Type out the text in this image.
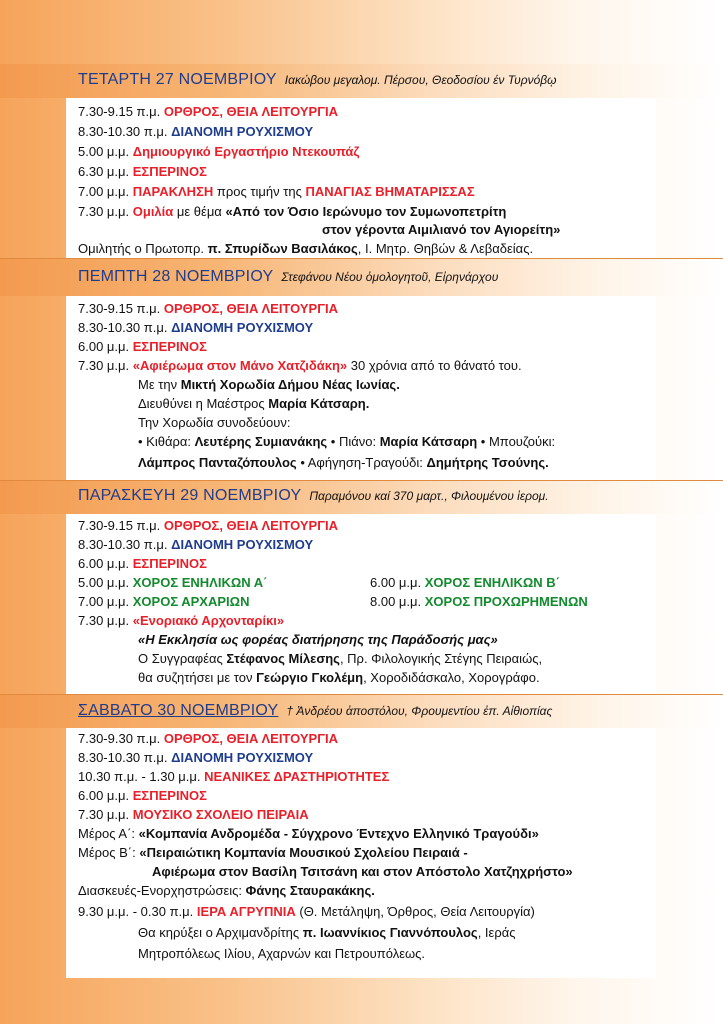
ΤΕΤΑΡΤΗ 27 ΝΟΕΜΒΡΙΟΥ Ιακώβου μεγαλομ. Πέρσου, Θεοδοσίου έν Τυρνόβῳ
7.30-9.15 π.μ. ΟΡΘΡΟΣ, ΘΕΙΑ ΛΕΙΤΟΥΡΓΙΑ
8.30-10.30 π.μ. ΔΙΑΝΟΜΗ ΡΟΥΧΙΣΜΟΥ
5.00 μ.μ. Δημιουργικό Εργαστήριο Ντεκουπάζ
6.30 μ.μ. ΕΣΠΕΡΙΝΟΣ
7.00 μ.μ. ΠΑΡΑΚΛΗΣΗ προς τιμήν της ΠΑΝΑΓΙΑΣ ΒΗΜΑΤΑΡΙΣΣΑΣ
7.30 μ.μ. Ομιλία με θέμα «Από τον Όσιο Ιερώνυμο τον Συμωνοπετρίτη
στον γέροντα Αιμιλιανό τον Αγιορείτη»
Ομιλητής ο Πρωτοπρ. π. Σπυρίδων Βασιλάκος, Ι. Μητρ. Θηβών & Λεβαδείας.
ΠΕΜΠΤΗ 28 ΝΟΕΜΒΡΙΟΥ Στεφάνου Νέου ὁμολογητοῦ, Εἰρηνάρχου
7.30-9.15 π.μ. ΟΡΘΡΟΣ, ΘΕΙΑ ΛΕΙΤΟΥΡΓΙΑ
8.30-10.30 π.μ. ΔΙΑΝΟΜΗ ΡΟΥΧΙΣΜΟΥ
6.00 μ.μ. ΕΣΠΕΡΙΝΟΣ
7.30 μ.μ. «Αφιέρωμα στον Μάνο Χατζιδάκη» 30 χρόνια από το θάνατό του.
Με την Μικτή Χορωδία Δήμου Νέας Ιωνίας.
Διευθύνει η Μαέστρος Μαρία Κάτσαρη.
Την Χορωδία συνοδεύουν:
• Κιθάρα: Λευτέρης Συμιανάκης • Πιάνο: Μαρία Κάτσαρη • Μπουζούκι:
Λάμπρος Πανταζόπουλος • Αφήγηση-Τραγούδι: Δημήτρης Τσούνης.
ΠΑΡΑΣΚΕΥΗ 29 ΝΟΕΜΒΡΙΟΥ Παραμόνου καί 370 μαρτ., Φιλουμένου ἱερομ.
7.30-9.15 π.μ. ΟΡΘΡΟΣ, ΘΕΙΑ ΛΕΙΤΟΥΡΓΙΑ
8.30-10.30 π.μ. ΔΙΑΝΟΜΗ ΡΟΥΧΙΣΜΟΥ
6.00 μ.μ. ΕΣΠΕΡΙΝΟΣ
5.00 μ.μ. ΧΟΡΟΣ ΕΝΗΛΙΚΩΝ Α΄	6.00 μ.μ. ΧΟΡΟΣ ΕΝΗΛΙΚΩΝ Β΄
7.00 μ.μ. ΧΟΡΟΣ ΑΡΧΑΡΙΩΝ	8.00 μ.μ. ΧΟΡΟΣ ΠΡΟΧΩΡΗΜΕΝΩΝ
7.30 μ.μ. «Ενοριακό Αρχονταρίκι»
«Η Εκκλησία ως φορέας διατήρησης της Παράδοσής μας»
Ο Συγγραφέας Στέφανος Μίλεσης, Πρ. Φιλολογικής Στέγης Πειραιώς,
θα συζητήσει με τον Γεώργιο Γκολέμη, Χοροδιδάσκαλο, Χορογράφο.
ΣΑΒΒΑΤΟ 30 ΝΟΕΜΒΡΙΟΥ † Ἀνδρέου ἀποστόλου, Φρουμεντίου ἐπ. Αἰθιοπίας
7.30-9.30 π.μ. ΟΡΘΡΟΣ, ΘΕΙΑ ΛΕΙΤΟΥΡΓΙΑ
8.30-10.30 π.μ. ΔΙΑΝΟΜΗ ΡΟΥΧΙΣΜΟΥ
10.30 π.μ. - 1.30 μ.μ. ΝΕΑΝΙΚΕΣ ΔΡΑΣΤΗΡΙΟΤΗΤΕΣ
6.00 μ.μ. ΕΣΠΕΡΙΝΟΣ
7.30 μ.μ. ΜΟΥΣΙΚΟ ΣΧΟΛΕΙΟ ΠΕΙΡΑΙΑ
Μέρος Α΄: «Κομπανία Ανδρομέδα - Σύγχρονο Έντεχνο Ελληνικό Τραγούδι»
Μέρος Β΄: «Πειραιώτικη Κομπανία Μουσικού Σχολείου Πειραιά -
Αφιέρωμα στον Βασίλη Τσιτσάνη και στον Απόστολο Χατζηχρήστο»
Διασκευές-Ενορχηστρώσεις: Φάνης Σταυρακάκης.
9.30 μ.μ. - 0.30 π.μ. ΙΕΡΑ ΑΓΡΥΠΝΙΑ (Θ. Μετάληψη, Όρθρος, Θεία Λειτουργία)
Θα κηρύξει ο Αρχιμανδρίτης π. Ιωαννίκιος Γιαννόπουλος, Ιεράς
Μητροπόλεως Ιλίου, Αχαρνών και Πετρουπόλεως.
